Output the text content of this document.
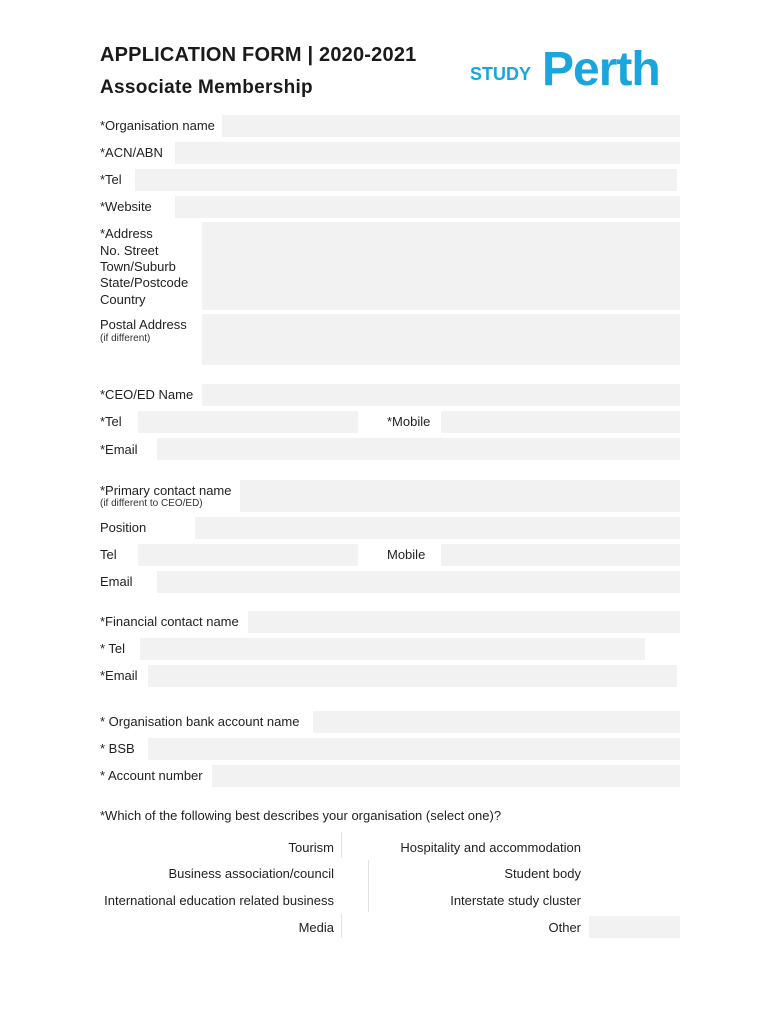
APPLICATION FORM | 2020-2021
Associate Membership
STUDY Perth
*Organisation name
*ACN/ABN
*Tel
*Website
*Address
No. Street
Town/Suburb
State/Postcode
Country
Postal Address
(if different)
*CEO/ED Name
*Tel	*Mobile
*Email
*Primary contact name
(if different to CEO/ED)
Position
Tel	Mobile
Email
*Financial contact name
* Tel
*Email
* Organisation bank account name
* BSB
* Account number
*Which of the following best describes your organisation (select one)?
Tourism
Business association/council
International education related business
Media
Hospitality and accommodation
Student body
Interstate study cluster
Other
